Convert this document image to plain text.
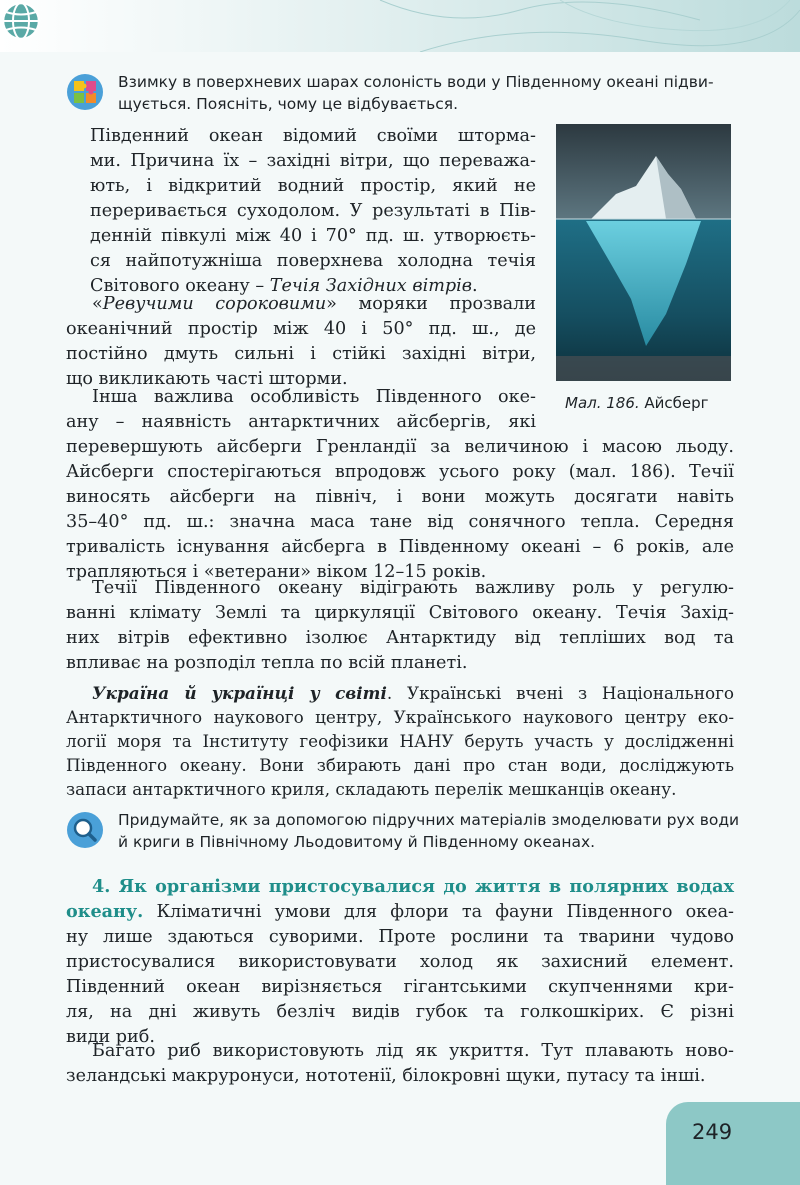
Взимку в поверхневих шарах солоність води у Південному океані підви-
щується. Поясніть, чому це відбувається.
Мал. 186. Айсберг
Південний океан відомий своїми шторма-
ми. Причина їх – західні вітри, що переважа-
ють, і відкритий водний простір, який не
переривається суходолом. У результаті в Пів-
денній півкулі між 40 і 70° пд. ш. утворюєть-
ся найпотужніша поверхнева холодна течія
Світового океану – Течія Західних вітрів.
«Ревучими сороковими» моряки прозвали
океанічний простір між 40 і 50° пд. ш., де
постійно дмуть сильні і стійкі західні вітри,
що викликають часті шторми.
Інша важлива особливість Південного оке-
ану – наявність антарктичних айсбергів, які
перевершують айсберги Гренландії за величиною і масою льоду.
Айсберги спостерігаються впродовж усього року (мал. 186). Течії
виносять айсберги на північ, і вони можуть досягати навіть
35–40° пд. ш.: значна маса тане від сонячного тепла. Середня
тривалість існування айсберга в Південному океані – 6 років, але
трапляються і «ветерани» віком 12–15 років.
Течії Південного океану відіграють важливу роль у регулю-
ванні клімату Землі та циркуляції Світового океану. Течія Захід-
них вітрів ефективно ізолює Антарктиду від тепліших вод та
впливає на розподіл тепла по всій планеті.
Україна й українці у світі. Українські вчені з Національного
Антарктичного наукового центру, Українського наукового центру еко-
логії моря та Інституту геофізики НАНУ беруть участь у дослідженні
Південного океану. Вони збирають дані про стан води, досліджують
запаси антарктичного криля, складають перелік мешканців океану.
Придумайте, як за допомогою підручних матеріалів змоделювати рух води
й криги в Північному Льодовитому й Південному океанах.
4. Як організми пристосувалися до життя в полярних водах
океану. Кліматичні умови для флори та фауни Південного океа-
ну лише здаються суворими. Проте рослини та тварини чудово
пристосувалися використовувати холод як захисний елемент.
Південний океан вирізняється гігантськими скупченнями кри-
ля, на дні живуть безліч видів губок та голкошкірих. Є різні
види риб.
Багато риб використовують лід як укриття. Тут плавають ново-
зеландські макруронуси, нототенії, білокровні щуки, путасу та інші.
249
